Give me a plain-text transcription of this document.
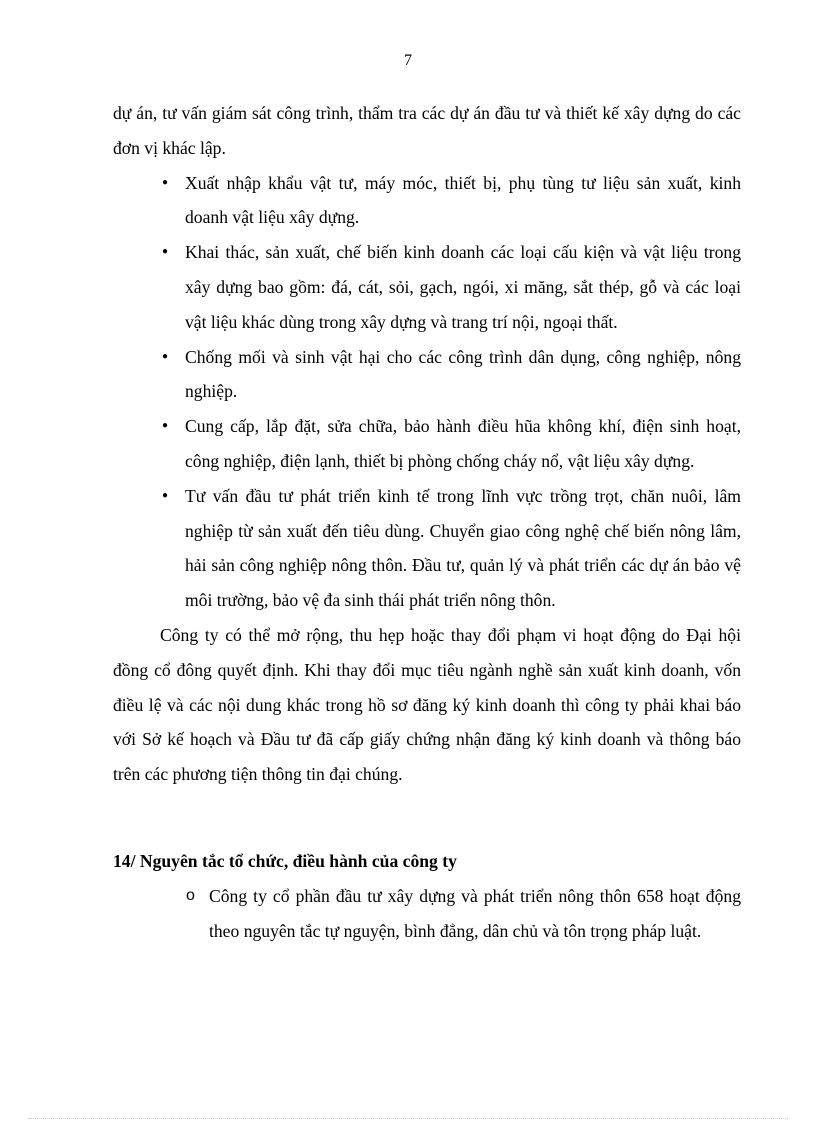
7

dự án, tư vấn giám sát công trình, thẩm tra các dự án đầu tư và thiết kế xây dựng do các đơn vị khác lập.

● Xuất nhập khẩu vật tư, máy móc, thiết bị, phụ tùng tư liệu sản xuất, kinh doanh vật liệu xây dựng.
● Khai thác, sản xuất, chế biến kinh doanh các loại cấu kiện và vật liệu trong xây dựng bao gồm: đá, cát, sỏi, gạch, ngói, xi măng, sắt thép, gỗ và các loại vật liệu khác dùng trong xây dựng và trang trí nội, ngoại thất.
● Chống mối và sinh vật hại cho các công trình dân dụng, công nghiệp, nông nghiệp.
● Cung cấp, lắp đặt, sửa chữa, bảo hành điều hũa không khí, điện sinh hoạt, công nghiệp, điện lạnh, thiết bị phòng chống cháy nổ, vật liệu xây dựng.
● Tư vấn đầu tư phát triển kinh tế trong lĩnh vực trồng trọt, chăn nuôi, lâm nghiệp từ sản xuất đến tiêu dùng. Chuyển giao công nghệ chế biến nông lâm, hải sản công nghiệp nông thôn. Đầu tư, quản lý và phát triển các dự án bảo vệ môi trường, bảo vệ đa sinh thái phát triển nông thôn.

Công ty có thể mở rộng, thu hẹp hoặc thay đổi phạm vi hoạt động do Đại hội đồng cổ đông quyết định. Khi thay đổi mục tiêu ngành nghề sản xuất kinh doanh, vốn điều lệ và các nội dung khác trong hồ sơ đăng ký kinh doanh thì công ty phải khai báo với Sở kế hoạch và Đầu tư đã cấp giấy chứng nhận đăng ký kinh doanh và thông báo trên các phương tiện thông tin đại chúng.

14/ Nguyên tắc tổ chức, điều hành của công ty

o Công ty cổ phần đầu tư xây dựng và phát triển nông thôn 658 hoạt động theo nguyên tắc tự nguyện, bình đẳng, dân chủ và tôn trọng pháp luật.
